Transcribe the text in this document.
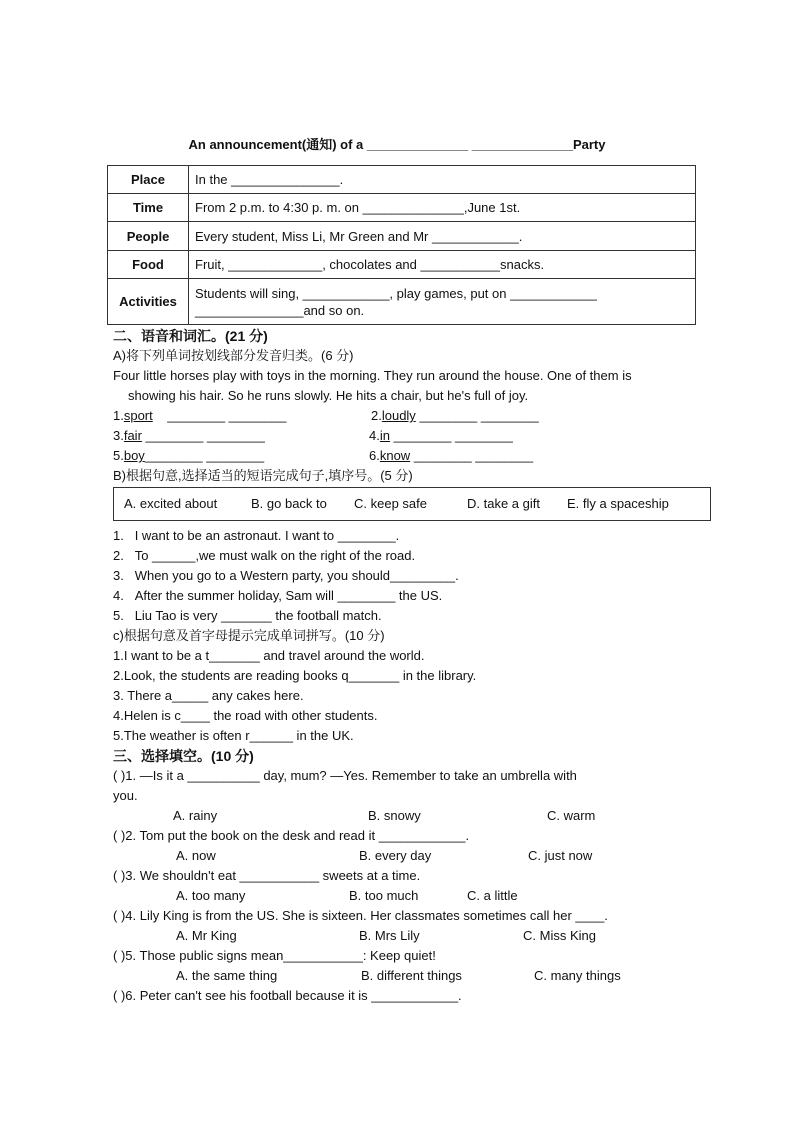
An announcement(通知) of a ______________ ______________Party
Place	In the _______________.
Time	From 2 p.m. to 4:30 p. m. on ______________,June 1st.
People	Every student, Miss Li, Mr Green and Mr ____________.
Food	Fruit, _____________, chocolates and ___________snacks.
Activities	Students will sing, ____________, play games, put on ____________
_______________and so on.
二、语音和词汇。(21 分)
A)将下列单词按划线部分发音归类。(6 分)
Four little horses play with toys in the morning. They run around the house. One of them is
showing his hair. So he runs slowly. He hits a chair, but he's full of joy.
1.sport ________ ________	2.loudly ________ ________
3.fair ________ ________	4.in ________ ________
5.boy________ ________	6.know ________ ________
B)根据句意,选择适当的短语完成句子,填序号。(5 分)
A. excited about	B. go back to C. keep safe	D. take a gift E. fly a spaceship
1. I want to be an astronaut. I want to ________.
2. To ______,we must walk on the right of the road.
3. When you go to a Western party, you should_________.
4. After the summer holiday, Sam will ________ the US.
5. Liu Tao is very _______ the football match.
c)根据句意及首字母提示完成单词拼写。(10 分)
1.I want to be a t_______ and travel around the world.
2.Look, the students are reading books q_______ in the library.
3. There a_____ any cakes here.
4.Helen is c____ the road with other students.
5.The weather is often r______ in the UK.
三、选择填空。(10 分)
( )1. —Is it a __________ day, mum? —Yes. Remember to take an umbrella with
you.
A. rainy	B. snowy	C. warm
( )2. Tom put the book on the desk and read it ____________.
A. now	B. every day	C. just now
( )3. We shouldn't eat ___________ sweets at a time.
A. too many	B. too much	C. a little
( )4. Lily King is from the US. She is sixteen. Her classmates sometimes call her ____.
A. Mr King	B. Mrs Lily	C. Miss King
( )5. Those public signs mean___________: Keep quiet!
A. the same thing	B. different things	C. many things
( )6. Peter can't see his football because it is ____________.
